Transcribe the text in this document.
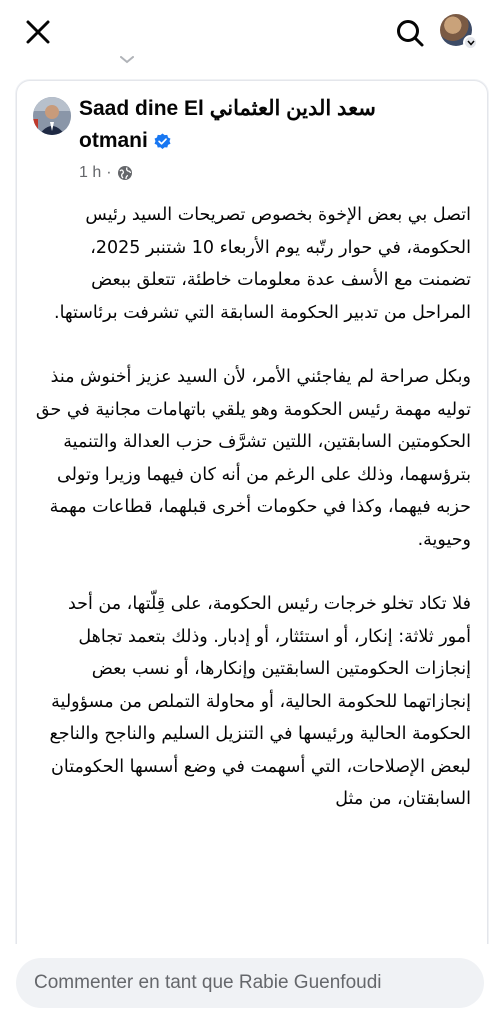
Saad dine El سعد الدين العثماني
otmani
1 h ·

اتصل بي بعض الإخوة بخصوص تصريحات السيد رئيس الحكومة، في حوار رتّبه يوم الأربعاء 10 شتنبر 2025، تضمنت مع الأسف عدة معلومات خاطئة، تتعلق ببعض المراحل من تدبير الحكومة السابقة التي تشرفت برئاستها.

وبكل صراحة لم يفاجئني الأمر، لأن السيد عزيز أخنوش منذ توليه مهمة رئيس الحكومة وهو يلقي باتهامات مجانية في حق الحكومتين السابقتين، اللتين تشرَّف حزب العدالة والتنمية بترؤسهما، وذلك على الرغم من أنه كان فيهما وزيرا وتولى حزبه فيهما، وكذا في حكومات أخرى قبلهما، قطاعات مهمة وحيوية.

فلا تكاد تخلو خرجات رئيس الحكومة، على قِلّتها، من أحد أمور ثلاثة: إنكار، أو استئثار، أو إدبار. وذلك بتعمد تجاهل إنجازات الحكومتين السابقتين وإنكارها، أو نسب بعض إنجازاتهما للحكومة الحالية، أو محاولة التملص من مسؤولية الحكومة الحالية ورئيسها في التنزيل السليم والناجح والناجع لبعض الإصلاحات، التي أسهمت في وضع أسسها الحكومتان السابقتان، من مثل

Commenter en tant que Rabie Guenfoudi
